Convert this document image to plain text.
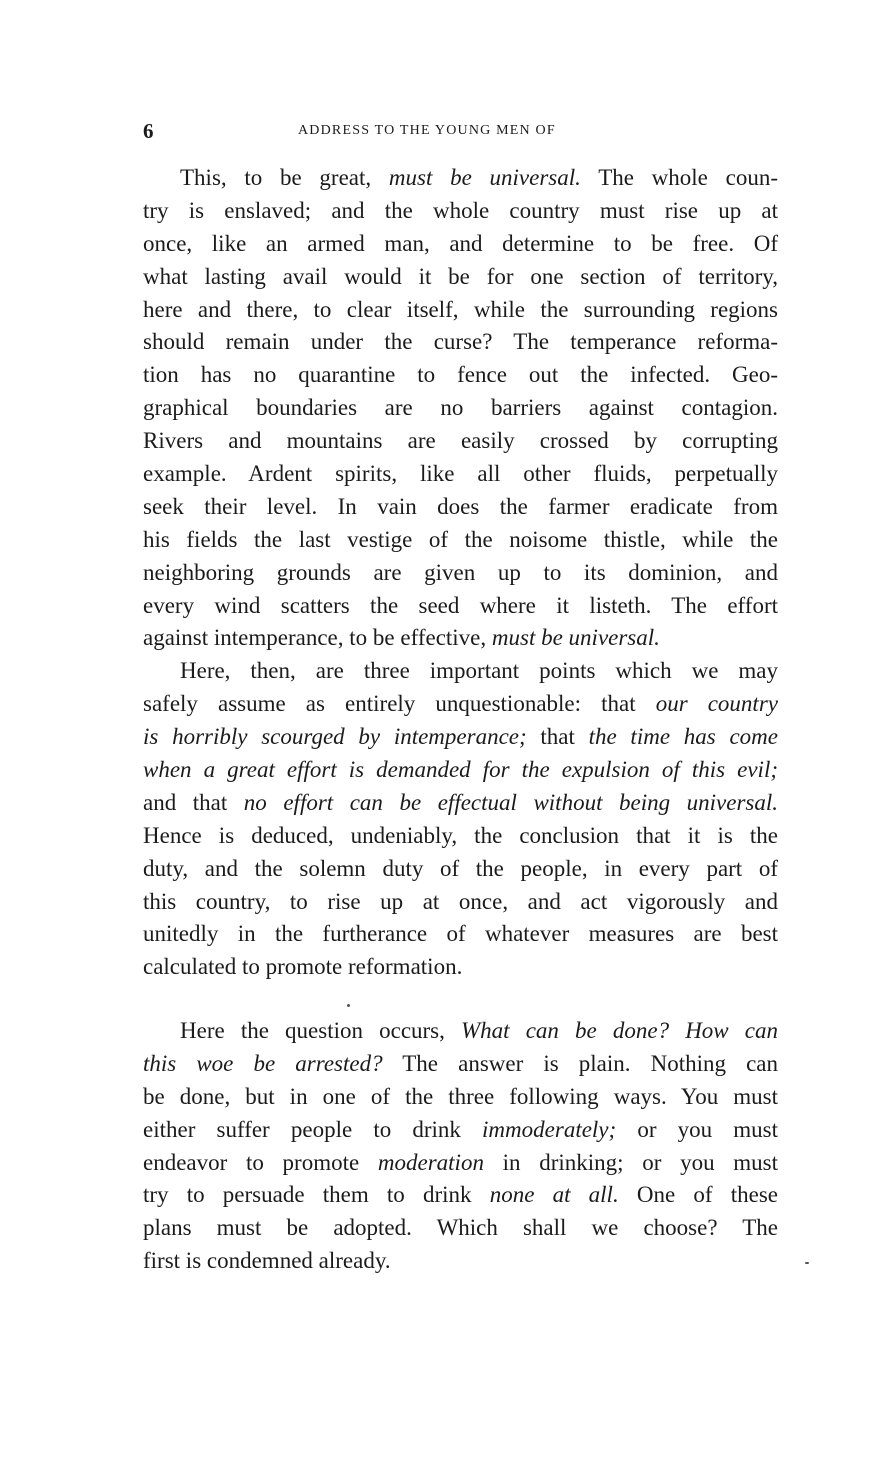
6	ADDRESS TO THE YOUNG MEN OF
This, to be great, must be universal. The whole coun-
try is enslaved; and the whole country must rise up at
once, like an armed man, and determine to be free. Of
what lasting avail would it be for one section of territory,
here and there, to clear itself, while the surrounding regions
should remain under the curse? The temperance reforma-
tion has no quarantine to fence out the infected. Geo-
graphical boundaries are no barriers against contagion.
Rivers and mountains are easily crossed by corrupting
example. Ardent spirits, like all other fluids, perpetually
seek their level. In vain does the farmer eradicate from
his fields the last vestige of the noisome thistle, while the
neighboring grounds are given up to its dominion, and
every wind scatters the seed where it listeth. The effort
against intemperance, to be effective, must be universal.
Here, then, are three important points which we may
safely assume as entirely unquestionable: that our country
is horribly scourged by intemperance; that the time has come
when a great effort is demanded for the expulsion of this evil;
and that no effort can be effectual without being universal.
Hence is deduced, undeniably, the conclusion that it is the
duty, and the solemn duty of the people, in every part of
this country, to rise up at once, and act vigorously and
unitedly in the furtherance of whatever measures are best
calculated to promote reformation.
Here the question occurs, What can be done? How can
this woe be arrested? The answer is plain. Nothing can
be done, but in one of the three following ways. You must
either suffer people to drink immoderately; or you must
endeavor to promote moderation in drinking; or you must
try to persuade them to drink none at all. One of these
plans must be adopted. Which shall we choose? The
first is condemned already.
